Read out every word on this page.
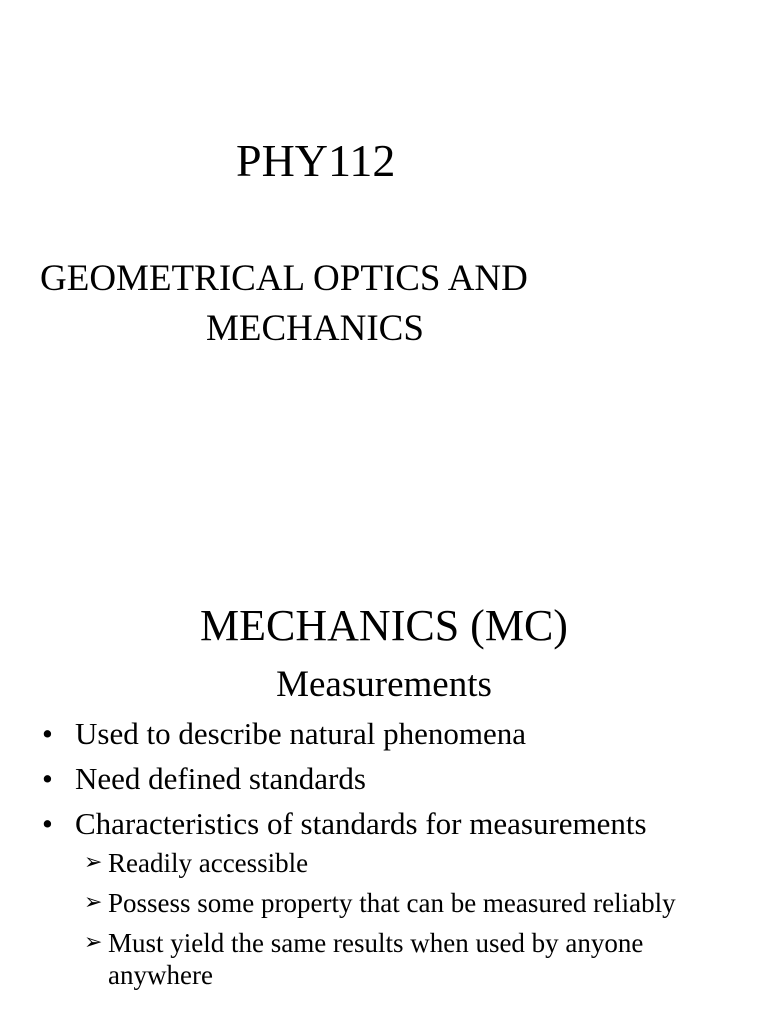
PHY112
GEOMETRICAL OPTICS AND
MECHANICS
MECHANICS (MC)
Measurements
• Used to describe natural phenomena
• Need defined standards
• Characteristics of standards for measurements
➢ Readily accessible
➢ Possess some property that can be measured reliably
➢ Must yield the same results when used by anyone anywhere
